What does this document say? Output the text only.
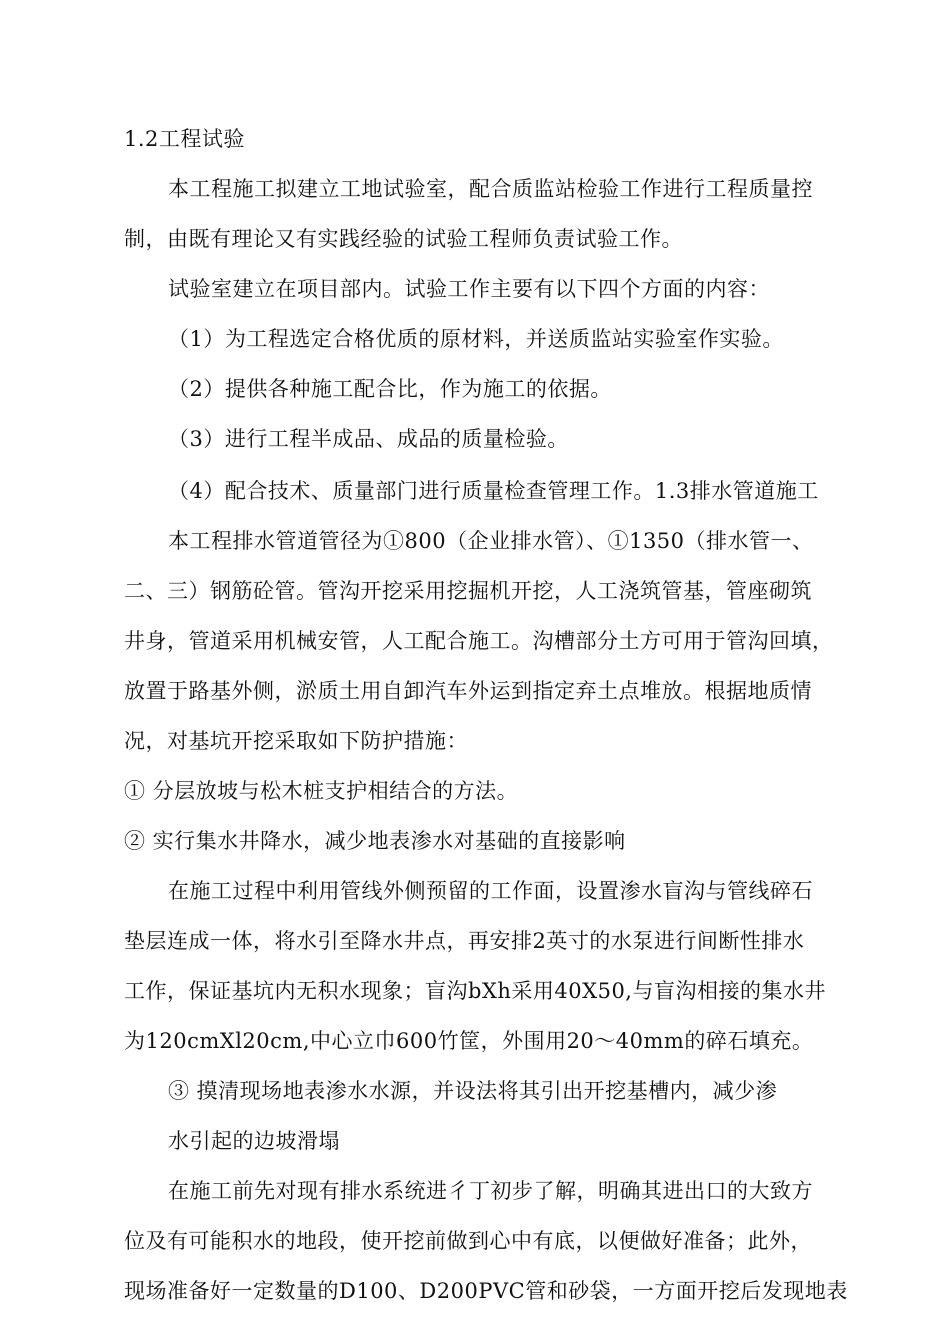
1.2工程试验
本工程施工拟建立工地试验室，配合质监站检验工作进行工程质量控
制，由既有理论又有实践经验的试验工程师负责试验工作。
试验室建立在项目部内。试验工作主要有以下四个方面的内容：
（1）为工程选定合格优质的原材料，并送质监站实验室作实验。
（2）提供各种施工配合比，作为施工的依据。
（3）进行工程半成品、成品的质量检验。
（4）配合技术、质量部门进行质量检查管理工作。1.3排水管道施工
本工程排水管道管径为①800（企业排水管）、①1350（排水管一、
二、三）钢筋砼管。管沟开挖采用挖掘机开挖，人工浇筑管基，管座砌筑
井身，管道采用机械安管，人工配合施工。沟槽部分土方可用于管沟回填，
放置于路基外侧，淤质土用自卸汽车外运到指定弃土点堆放。根据地质情
况，对基坑开挖采取如下防护措施：
① 分层放坡与松木桩支护相结合的方法。
② 实行集水井降水，减少地表渗水对基础的直接影响
在施工过程中利用管线外侧预留的工作面，设置渗水盲沟与管线碎石
垫层连成一体，将水引至降水井点，再安排2英寸的水泵进行间断性排水
工作，保证基坑内无积水现象；盲沟bXh采用40X50,与盲沟相接的集水井
为120cmXl20cm,中心立巾600竹筐，外围用20〜40mm的碎石填充。
③ 摸清现场地表渗水水源，并设法将其引出开挖基槽内，减少渗
水引起的边坡滑塌
在施工前先对现有排水系统进彳丁初步了解，明确其进出口的大致方
位及有可能积水的地段，使开挖前做到心中有底，以便做好准备；此外，
现场准备好一定数量的D100、D200PVC管和砂袋，一方面开挖后发现地表
